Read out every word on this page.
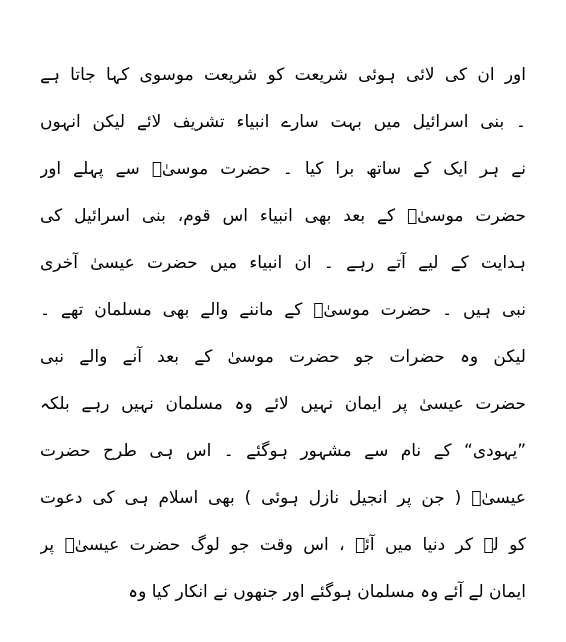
اور ان کی لائی ہوئی شریعت کو شریعت موسوی کہا جاتا ہے
۔ بنی اسرائیل میں بہت سارے انبیاء تشریف لائے لیکن انہوں
نے ہر ایک کے ساتھ برا کیا ۔ حضرت موسیٰؑ سے پہلے اور
حضرت موسیٰؑ کے بعد بھی انبیاء اس قوم، بنی اسرائیل کی
ہدایت کے لیے آتے رہے ۔ ان انبیاء میں حضرت عیسیٰ آخری
نبی ہیں ۔ حضرت موسیٰؑ کے ماننے والے بھی مسلمان تھے ۔
لیکن وہ حضرات جو حضرت موسیٰ کے بعد آنے والے نبی
حضرت عیسیٰ پر ایمان نہیں لائے وہ مسلمان نہیں رہے بلکہ
”یہودی“ کے نام سے مشہور ہوگئے ۔ اس ہی طرح حضرت
عیسیٰؑ ( جن پر انجیل نازل ہوئی ) بھی اسلام ہی کی دعوت
کو لے کر دنیا میں آئے ، اس وقت جو لوگ حضرت عیسیٰؑ پر
ایمان لے آئے وہ مسلمان ہوگئے اور جنھوں نے انکار کیا وہ
